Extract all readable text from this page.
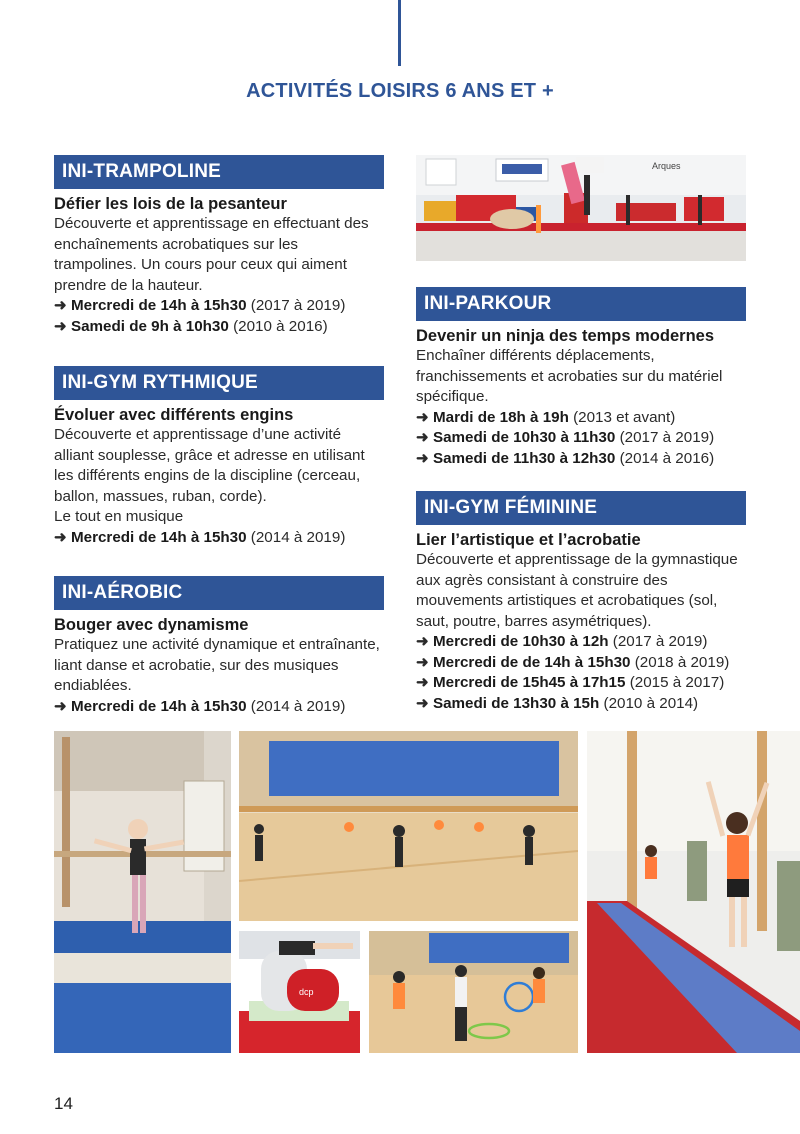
ACTIVITÉS LOISIRS 6 ANS ET +
INI-TRAMPOLINE
Défier les lois de la pesanteur
Découverte et apprentissage en effectuant des enchaînements acrobatiques sur les trampolines. Un cours pour ceux qui aiment prendre de la hauteur.
➜ Mercredi de 14h à 15h30 (2017 à 2019)
➜ Samedi de 9h à 10h30 (2010 à 2016)
INI-GYM RYTHMIQUE
Évoluer avec différents engins
Découverte et apprentissage d’une activité alliant souplesse, grâce et adresse en utilisant les différents engins de la discipline (cerceau, ballon, massues, ruban, corde).
Le tout en musique
➜ Mercredi de 14h à 15h30 (2014 à 2019)
INI-AÉROBIC
Bouger avec dynamisme
Pratiquez une activité dynamique et entraînante, liant danse et acrobatie, sur des musiques endiablées.
➜ Mercredi de 14h à 15h30 (2014 à 2019)
Arques
INI-PARKOUR
Devenir un ninja des temps modernes
Enchaîner différents déplacements, franchissements et acrobaties sur du matériel spécifique.
➜ Mardi de 18h à 19h (2013 et avant)
➜ Samedi de 10h30 à 11h30 (2017 à 2019)
➜ Samedi de 11h30 à 12h30 (2014 à 2016)
INI-GYM FÉMININE
Lier l’artistique et l’acrobatie
Découverte et apprentissage de la gymnastique aux agrès consistant à construire des mouvements artistiques et acrobatiques (sol, saut, poutre, barres asymétriques).
➜ Mercredi de 10h30 à 12h (2017 à 2019)
➜ Mercredi de de 14h à 15h30 (2018 à 2019)
➜ Mercredi de 15h45 à 17h15 (2015 à 2017)
➜ Samedi de 13h30 à 15h (2010 à 2014)
dcp
14
